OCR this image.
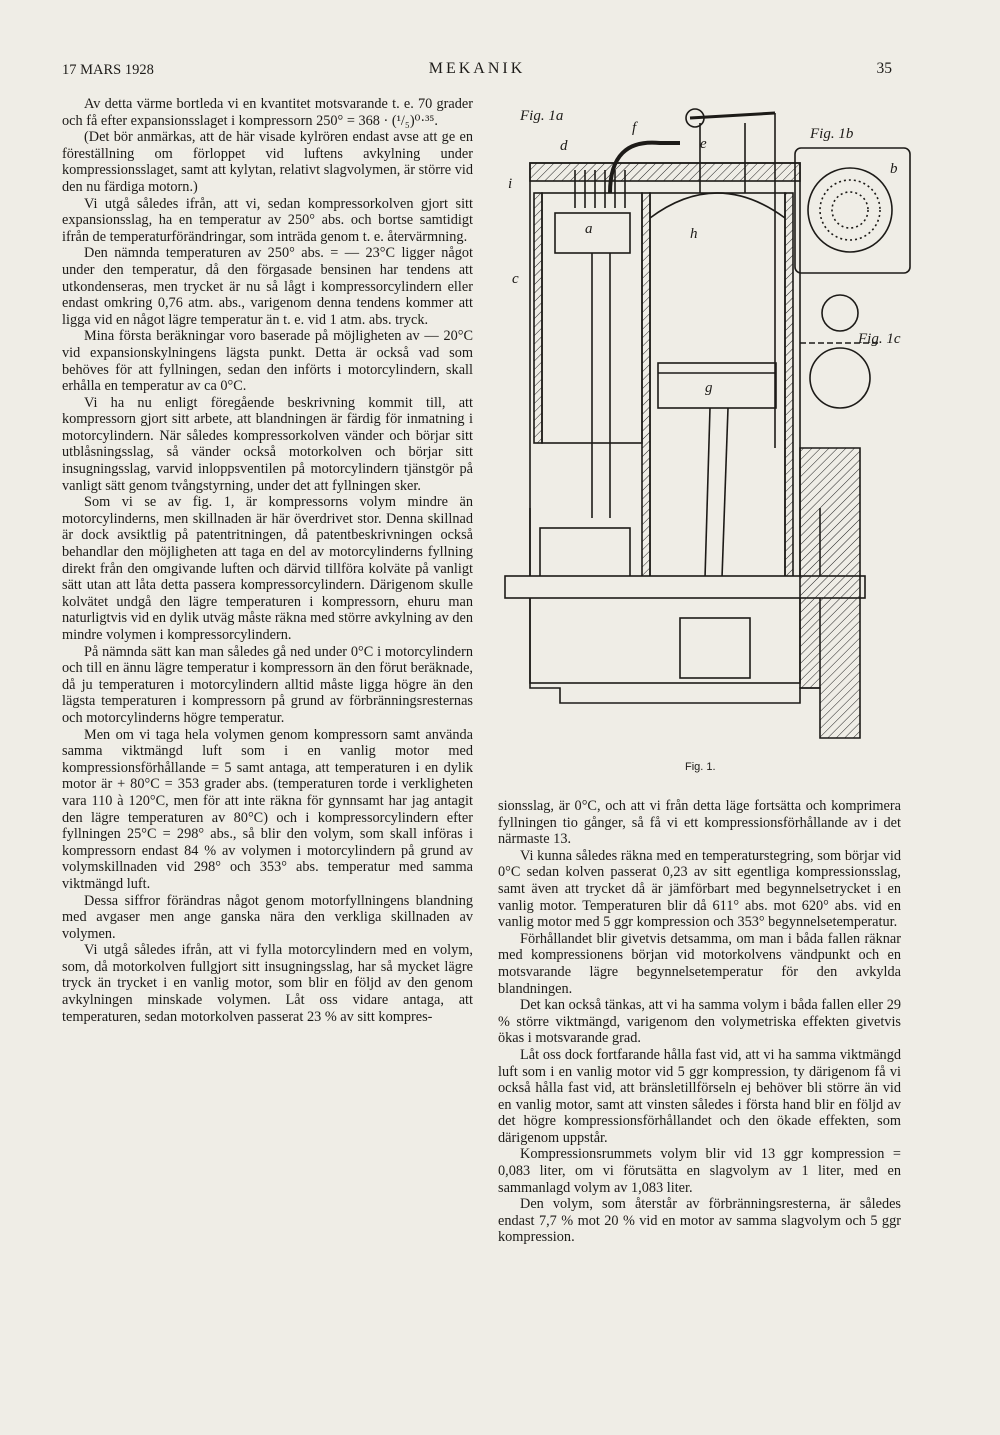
17 MARS 1928	MEKANIK	35

Av detta värme bortleda vi en kvantitet motsvarande t. e. 70 grader och få efter expansionsslaget i kompressorn 250° = 368 · (¹/₅)⁰·³⁵.

(Det bör anmärkas, att de här visade kylrören endast avse att ge en föreställning om förloppet vid luftens avkylning under kompressionsslaget, samt att kylytan, relativt slagvolymen, är större vid den nu färdiga motorn.)

Vi utgå således ifrån, att vi, sedan kompressorkolven gjort sitt expansionsslag, ha en temperatur av 250° abs. och bortse samtidigt ifrån de temperaturförändringar, som inträda genom t. e. återvärmning.

Den nämnda temperaturen av 250° abs. = — 23°C ligger något under den temperatur, då den förgasade bensinen har tendens att utkondenseras, men trycket är nu så lågt i kompressorcylindern eller endast omkring 0,76 atm. abs., varigenom denna tendens kommer att ligga vid en något lägre temperatur än t. e. vid 1 atm. abs. tryck.

Mina första beräkningar voro baserade på möjligheten av — 20°C vid expansionskylningens lägsta punkt. Detta är också vad som behöves för att fyllningen, sedan den införts i motorcylindern, skall erhålla en temperatur av ca 0°C.

Vi ha nu enligt föregående beskrivning kommit till, att kompressorn gjort sitt arbete, att blandningen är färdig för inmatning i motorcylindern. När således kompressorkolven vänder och börjar sitt utblåsningsslag, så vänder också motorkolven och börjar sitt insugningsslag, varvid inloppsventilen på motorcylindern tjänstgör på vanligt sätt genom tvångstyrning, under det att fyllningen sker.

Som vi se av fig. 1, är kompressorns volym mindre än motorcylinderns, men skillnaden är här överdrivet stor. Denna skillnad är dock avsiktlig på patentritningen, då patentbeskrivningen också behandlar den möjligheten att taga en del av motorcylinderns fyllning direkt från den omgivande luften och därvid tillföra kolväte på vanligt sätt utan att låta detta passera kompressorcylindern. Därigenom skulle kolvätet undgå den lägre temperaturen i kompressorn, ehuru man naturligtvis vid en dylik utväg måste räkna med större avkylning av den mindre volymen i kompressorcylindern.

På nämnda sätt kan man således gå ned under 0°C i motorcylindern och till en ännu lägre temperatur i kompressorn än den förut beräknade, då ju temperaturen i motorcylindern alltid måste ligga högre än den lägsta temperaturen i kompressorn på grund av förbränningsresternas och motorcylinderns högre temperatur.

Men om vi taga hela volymen genom kompressorn samt använda samma viktmängd luft som i en vanlig motor med kompressionsförhållande = 5 samt antaga, att temperaturen i en dylik motor är + 80°C = 353 grader abs. (temperaturen torde i verkligheten vara 110 à 120°C, men för att inte räkna för gynnsamt har jag antagit den lägre temperaturen av 80°C) och i kompressorcylindern efter fyllningen 25°C = 298° abs., så blir den volym, som skall införas i kompressorn endast 84 % av volymen i motorcylindern på grund av volymskillnaden vid 298° och 353° abs. temperatur med samma viktmängd luft.

Dessa siffror förändras något genom motorfyllningens blandning med avgaser men ange ganska nära den verkliga skillnaden av volymen.

Vi utgå således ifrån, att vi fylla motorcylindern med en volym, som, då motorkolven fullgjort sitt insugningsslag, har så mycket lägre tryck än trycket i en vanlig motor, som blir en följd av den genom avkylningen minskade volymen. Låt oss vidare antaga, att temperaturen, sedan motorkolven passerat 23 % av sitt kompres-

Fig. 1a
Fig. 1b
Fig. 1c
a
b
c
d	e
f
g
h
i
Fig. 1.

sionsslag, är 0°C, och att vi från detta läge fortsätta och komprimera fyllningen tio gånger, så få vi ett kompressionsförhållande av i det närmaste 13.

Vi kunna således räkna med en temperaturstegring, som börjar vid 0°C sedan kolven passerat 0,23 av sitt egentliga kompressionsslag, samt även att trycket då är jämförbart med begynnelsetrycket i en vanlig motor. Temperaturen blir då 611° abs. mot 620° abs. vid en vanlig motor med 5 ggr kompression och 353° begynnelsetemperatur.

Förhållandet blir givetvis detsamma, om man i båda fallen räknar med kompressionens början vid motorkolvens vändpunkt och en motsvarande lägre begynnelsetemperatur för den avkylda blandningen.

Det kan också tänkas, att vi ha samma volym i båda fallen eller 29 % större viktmängd, varigenom den volymetriska effekten givetvis ökas i motsvarande grad.

Låt oss dock fortfarande hålla fast vid, att vi ha samma viktmängd luft som i en vanlig motor vid 5 ggr kompression, ty därigenom få vi också hålla fast vid, att bränsletillförseln ej behöver bli större än vid en vanlig motor, samt att vinsten således i första hand blir en följd av det högre kompressionsförhållandet och den ökade effekten, som därigenom uppstår.

Kompressionsrummets volym blir vid 13 ggr kompression = 0,083 liter, om vi förutsätta en slagvolym av 1 liter, med en sammanlagd volym av 1,083 liter.

Den volym, som återstår av förbränningsresterna, är således endast 7,7 % mot 20 % vid en motor av samma slagvolym och 5 ggr kompression.
